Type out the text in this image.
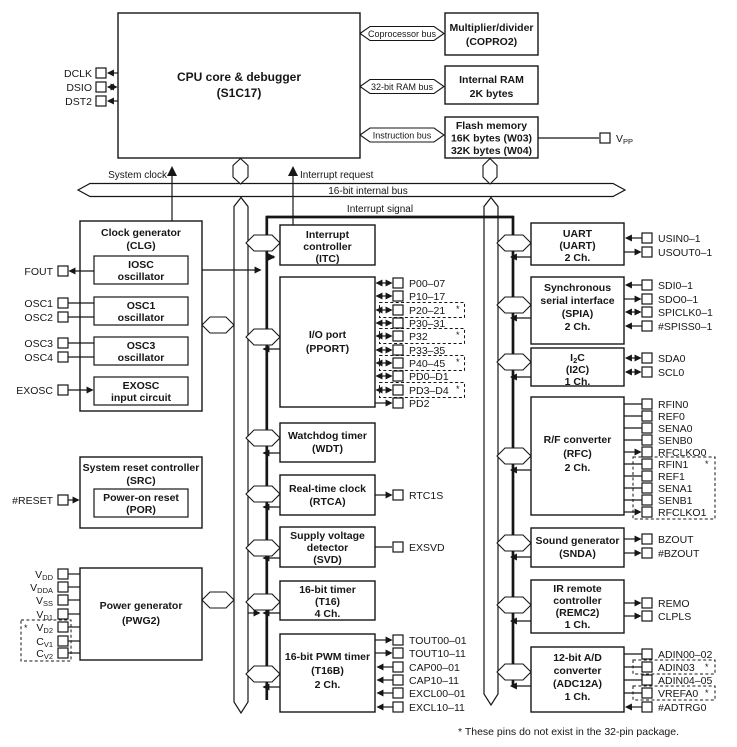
Coprocessor bus
32-bit RAM bus
Instruction bus
CPU core & debugger
(S1C17)
DCLK
DSIO
DST2
Multiplier/divider
(COPRO2)
Internal RAM
2K bytes
Flash memory
16K bytes (W03)
32K bytes (W04)
VPP
System clock	Interrupt request
16-bit internal bus
Interrupt signal
Clock generator
(CLG)
IOSC
oscillator
OSC1
oscillator
OSC3
oscillator
EXOSC
input circuit
FOUT
OSC1
OSC2
OSC3
OSC4
EXOSC
System reset controller
(SRC)
Power-on reset
(POR)
#RESET
Power generator
(PWG2)
VDD
VDDA
VSS
VD1
VD2
CV1
CV2
*
Interrupt
controller
(ITC)
I/O port
(PPORT)
Watchdog timer
(WDT)
Real-time clock
(RTCA)
Supply voltage
detector
(SVD)
16-bit timer
(T16)
4 Ch.
16-bit PWM timer
(T16B)
2 Ch.
*
*
*
*
P00–07
P10–17
P20–21
P30–31
P32
P33–35
P40–45
PD0–D1
PD3–D4
PD2
RTC1S
EXSVD
TOUT00–01
TOUT10–11
CAP00–01
CAP10–11
EXCL00–01
EXCL10–11
UART
(UART)
2 Ch.
Synchronous
serial interface
(SPIA)
2 Ch.
I2C
(I2C)
1 Ch.
R/F converter
(RFC)
2 Ch.
Sound generator
(SNDA)
IR remote
controller
(REMC2)
1 Ch.
12-bit A/D
converter
(ADC12A)
1 Ch.
USIN0–1
USOUT0–1
SDI0–1
SDO0–1
SPICLK0–1
#SPISS0–1
SDA0
SCL0
*
RFIN0
REF0
SENA0
SENB0
RFCLKO0
RFIN1
REF1
SENA1
SENB1
RFCLKO1
BZOUT
#BZOUT
REMO
CLPLS
*
*
ADIN00–02
ADIN03
ADIN04–05
VREFA0
#ADTRG0
* These pins do not exist in the 32-pin package.
